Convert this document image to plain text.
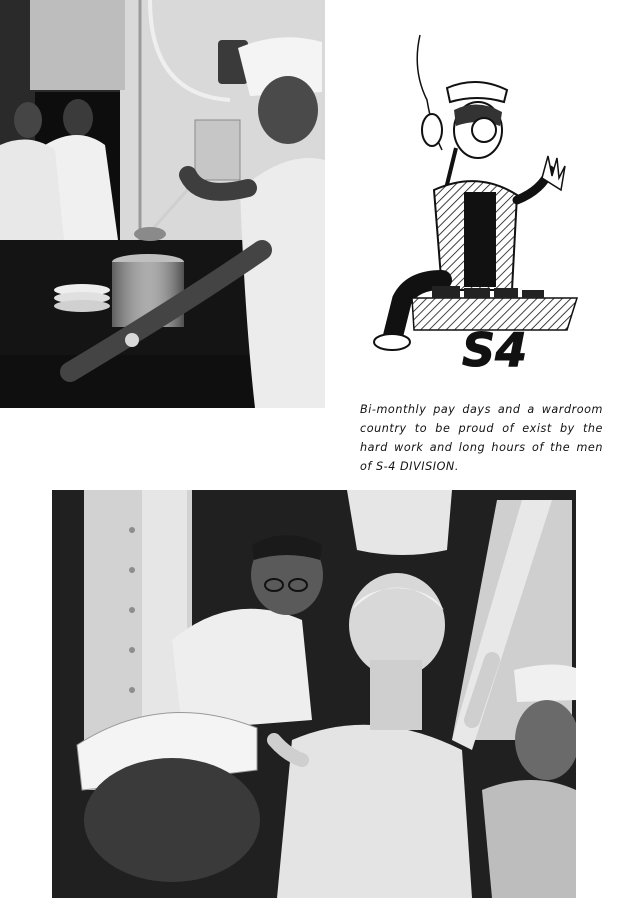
S4

Bi-monthly pay days and a wardroom country to be proud of exist by the hard work and long hours of the men of S-4 DIVISION.
